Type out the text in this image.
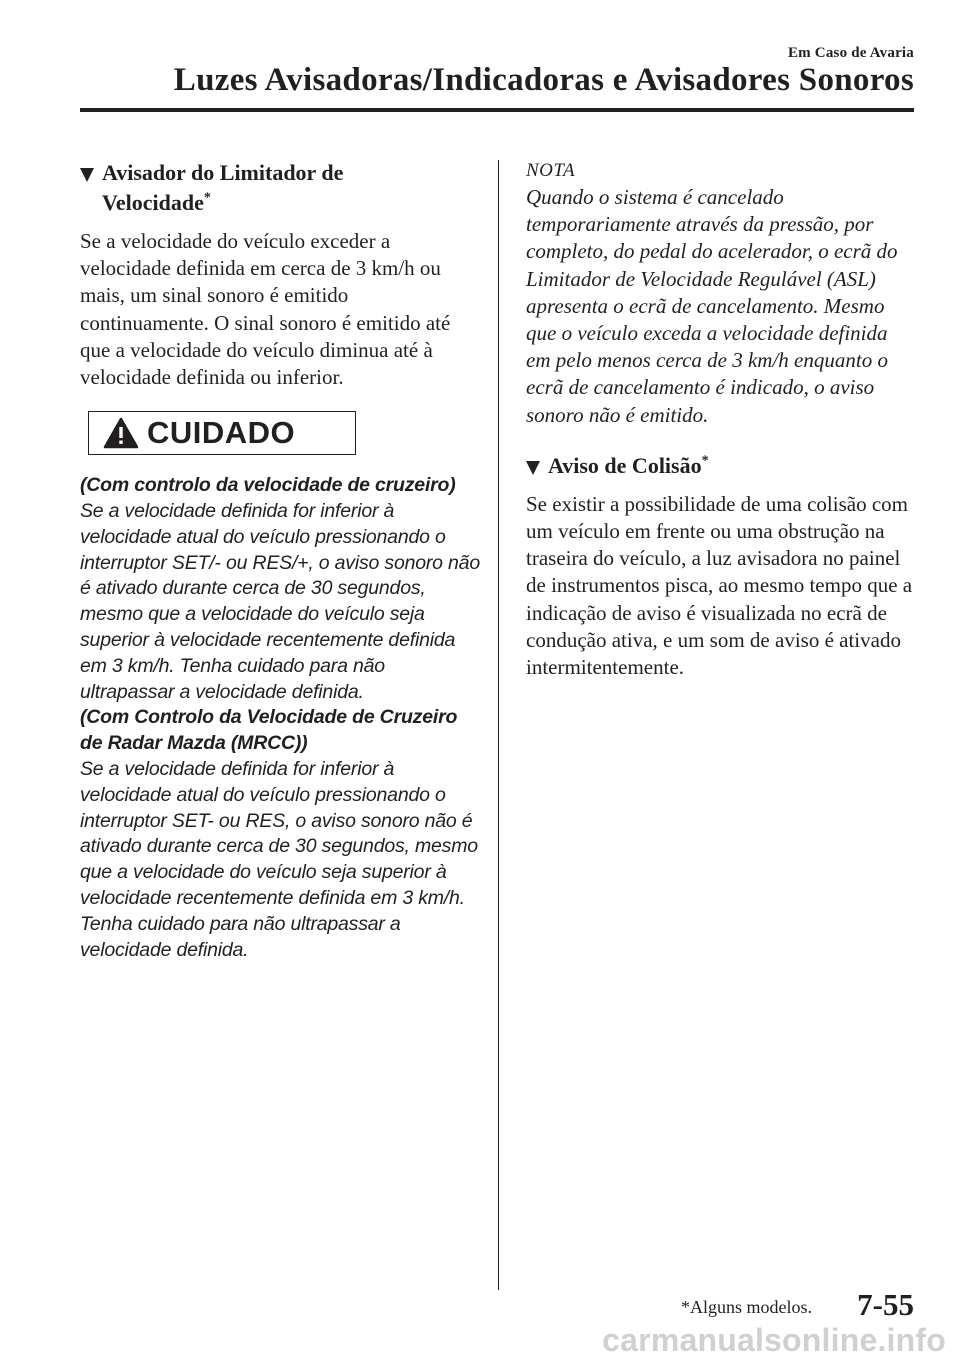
Em Caso de Avaria
Luzes Avisadoras/Indicadoras e Avisadores Sonoros
Avisador do Limitador de
Velocidade*

Se a velocidade do veículo exceder a velocidade definida em cerca de 3 km/h ou mais, um sinal sonoro é emitido continuamente. O sinal sonoro é emitido até que a velocidade do veículo diminua até à velocidade definida ou inferior.

CUIDADO

(Com controlo da velocidade de cruzeiro)
Se a velocidade definida for inferior à velocidade atual do veículo pressionando o interruptor SET/- ou RES/+, o aviso sonoro não é ativado durante cerca de 30 segundos, mesmo que a velocidade do veículo seja superior à velocidade recentemente definida em 3 km/h. Tenha cuidado para não ultrapassar a velocidade definida.
(Com Controlo da Velocidade de Cruzeiro de Radar Mazda (MRCC))
Se a velocidade definida for inferior à velocidade atual do veículo pressionando o interruptor SET- ou RES, o aviso sonoro não é ativado durante cerca de 30 segundos, mesmo que a velocidade do veículo seja superior à velocidade recentemente definida em 3 km/h. Tenha cuidado para não ultrapassar a velocidade definida.

NOTA

Quando o sistema é cancelado temporariamente através da pressão, por completo, do pedal do acelerador, o ecrã do Limitador de Velocidade Regulável (ASL) apresenta o ecrã de cancelamento. Mesmo que o veículo exceda a velocidade definida em pelo menos cerca de 3 km/h enquanto o ecrã de cancelamento é indicado, o aviso sonoro não é emitido.

Aviso de Colisão*

Se existir a possibilidade de uma colisão com um veículo em frente ou uma obstrução na traseira do veículo, a luz avisadora no painel de instrumentos pisca, ao mesmo tempo que a indicação de aviso é visualizada no ecrã de condução ativa, e um som de aviso é ativado intermitentemente.

*Alguns modelos. 7-55
carmanualsonline.info
